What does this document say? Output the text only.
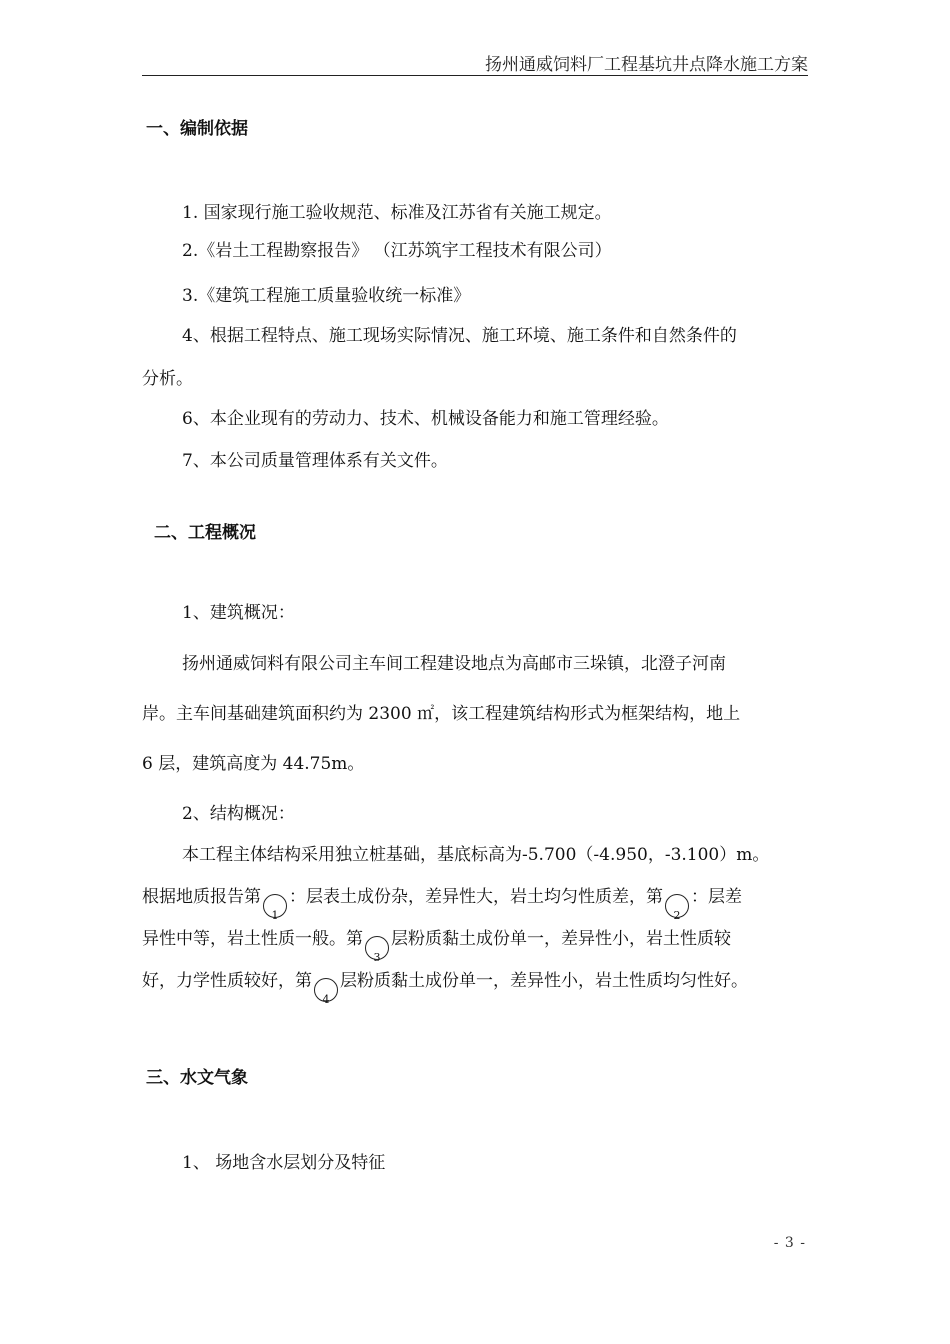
扬州通威饲料厂工程基坑井点降水施工方案
一、编制依据
1. 国家现行施工验收规范、标准及江苏省有关施工规定。
2.《岩土工程勘察报告》 （江苏筑宇工程技术有限公司）
3.《建筑工程施工质量验收统一标准》
4、根据工程特点、施工现场实际情况、施工环境、施工条件和自然条件的
分析。
6、本企业现有的劳动力、技术、机械设备能力和施工管理经验。
7、本公司质量管理体系有关文件。
二、工程概况
1、建筑概况：
扬州通威饲料有限公司主车间工程建设地点为高邮市三垛镇，北澄子河南
岸。主车间基础建筑面积约为 2300 ㎡，该工程建筑结构形式为框架结构，地上
6 层，建筑高度为 44.75m。
2、结构概况：
本工程主体结构采用独立桩基础，基底标高为-5.700（-4.950，-3.100）m。
根据地质报告第1：层表土成份杂，差异性大，岩土均匀性质差，第2：层差
异性中等，岩土性质一般。第3层粉质黏土成份单一，差异性小，岩土性质较
好，力学性质较好，第4层粉质黏土成份单一，差异性小，岩土性质均匀性好。
三、水文气象
1、 场地含水层划分及特征
- 3 -
